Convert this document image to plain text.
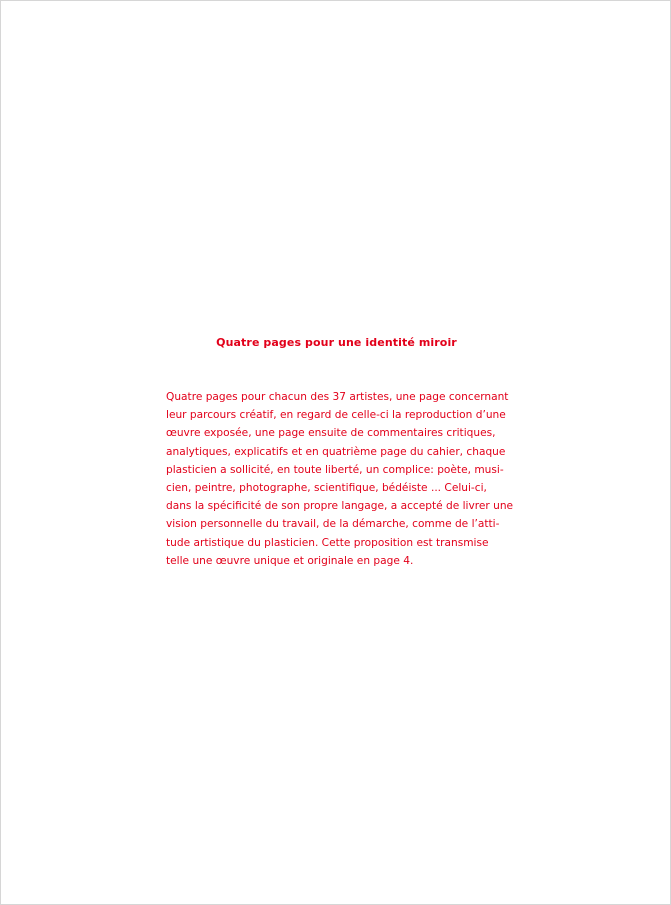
Quatre pages pour une identité miroir
Quatre pages pour chacun des 37 artistes, une page concernant
leur parcours créatif, en regard de celle-ci la reproduction d’une
œuvre exposée, une page ensuite de commentaires critiques,
analytiques, explicatifs et en quatrième page du cahier, chaque
plasticien a sollicité, en toute liberté, un complice: poète, musi-
cien, peintre, photographe, scientifique, bédéiste ... Celui-ci,
dans la spécificité de son propre langage, a accepté de livrer une
vision personnelle du travail, de la démarche, comme de l’atti-
tude artistique du plasticien. Cette proposition est transmise
telle une œuvre unique et originale en page 4.
